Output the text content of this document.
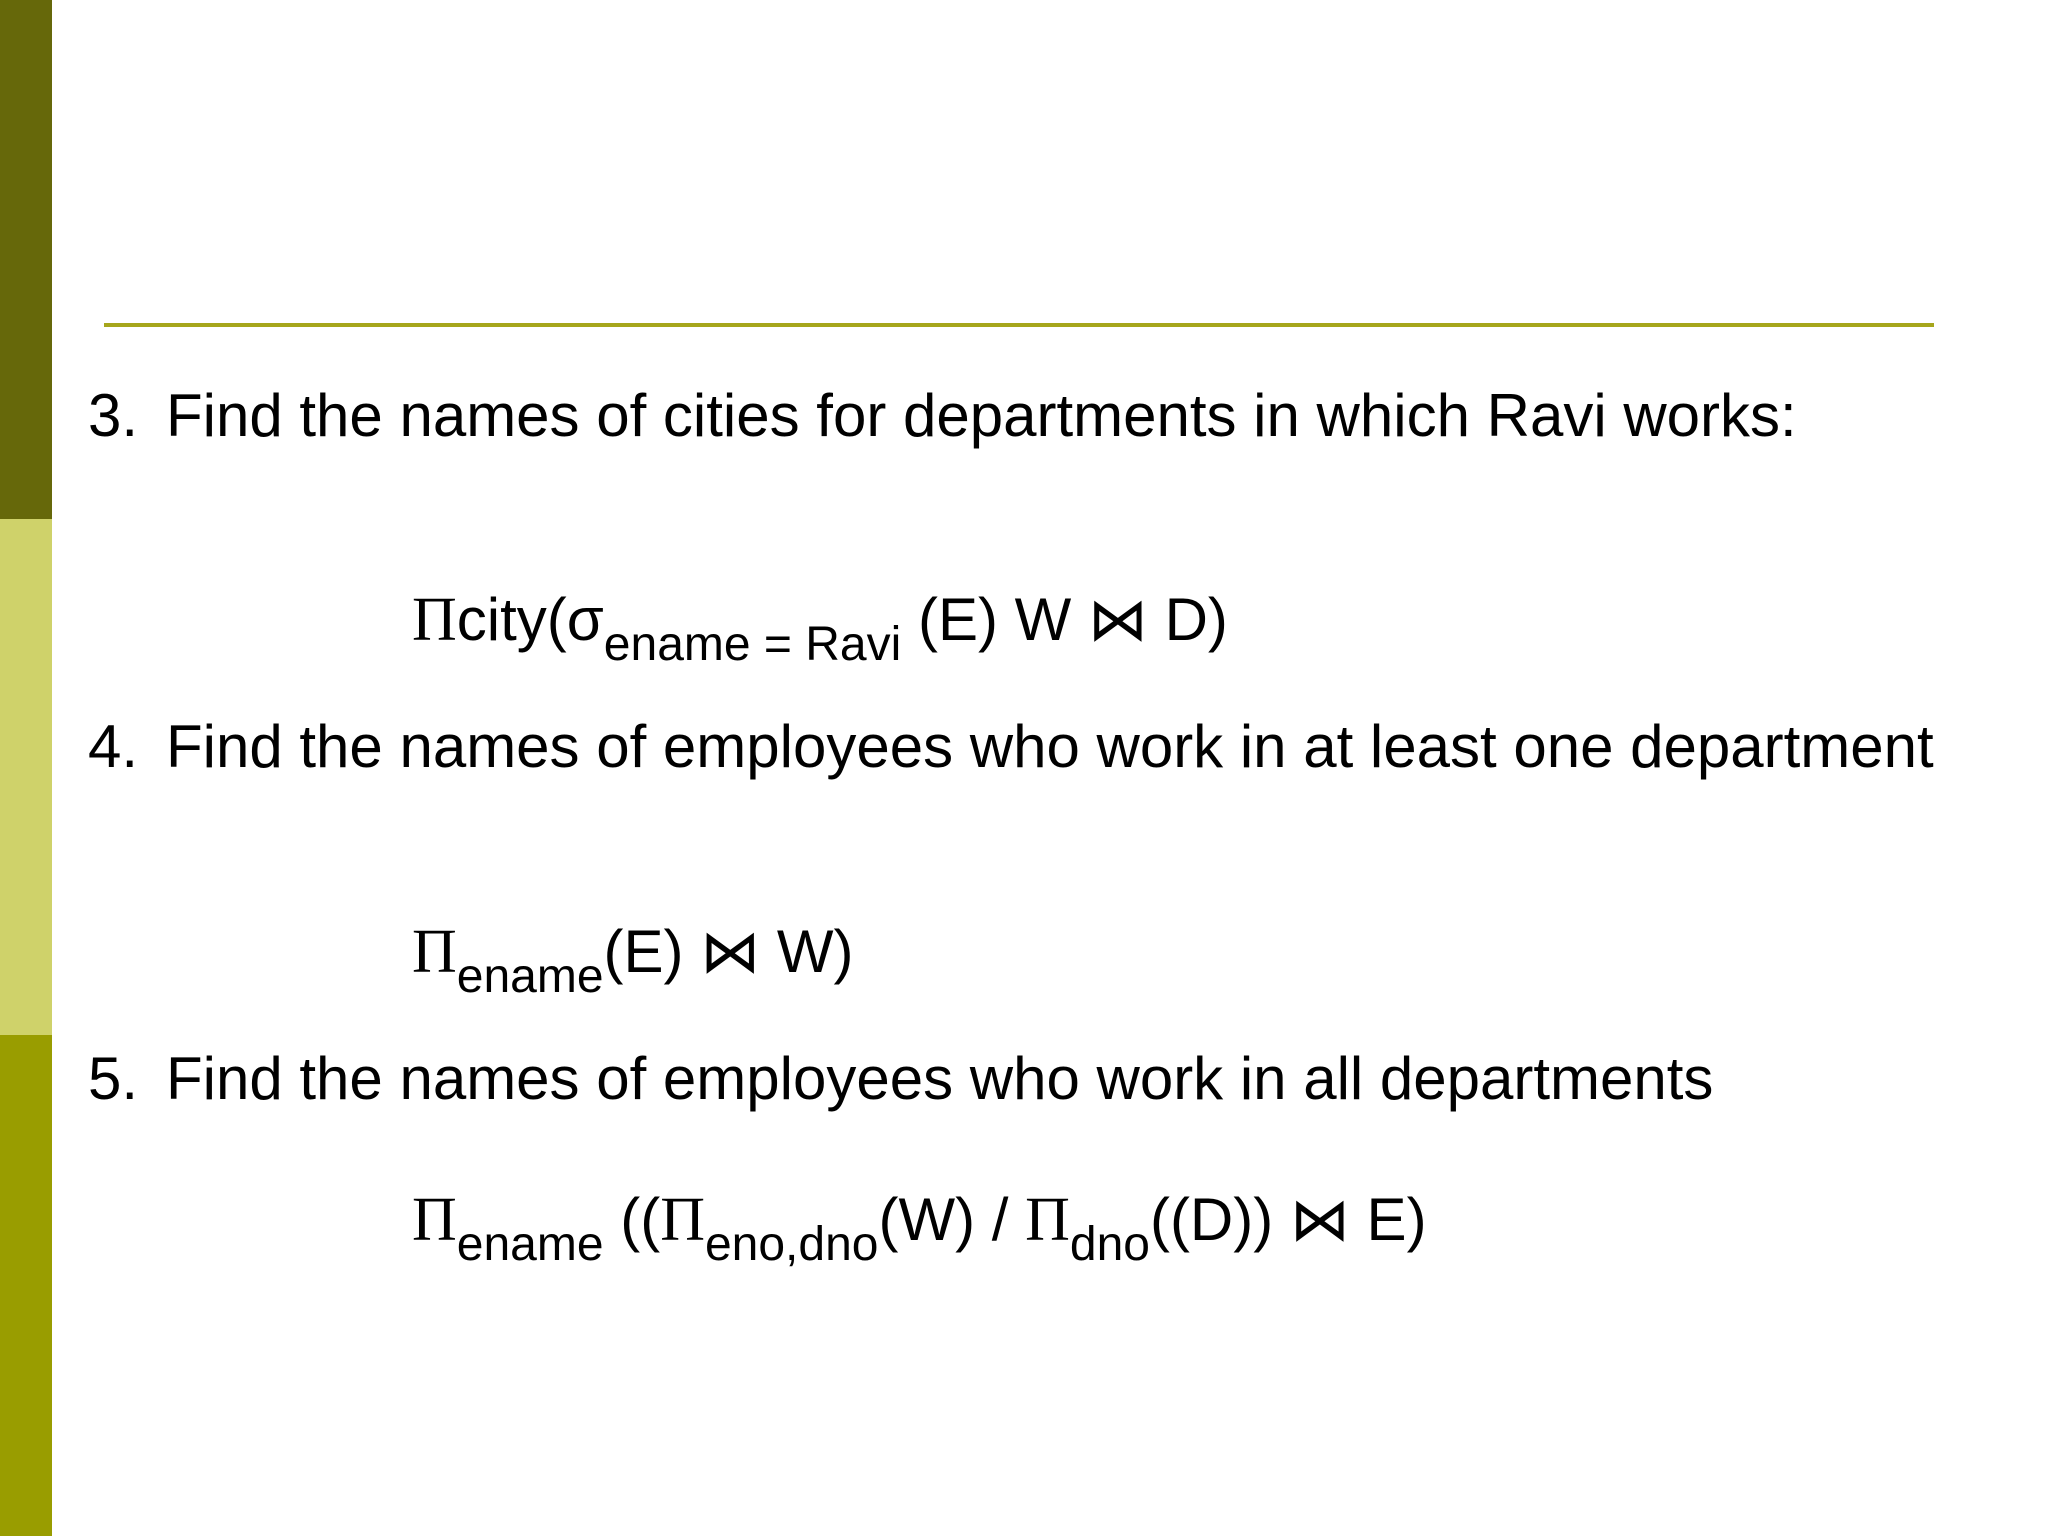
3. Find the names of cities for departments in which Ravi works:
$\Pi city(\sigma_{ename = Ravi}$ (E) W ⋈ D)
4. Find the names of employees who work in at least one department
$\Pi_{ename}(E)$ ⋈ W)
5. Find the names of employees who work in all departments
$\Pi_{ename}$ (($\Pi_{eno,dno}(W) / \Pi_{dno}((D))$ ⋈ E)
